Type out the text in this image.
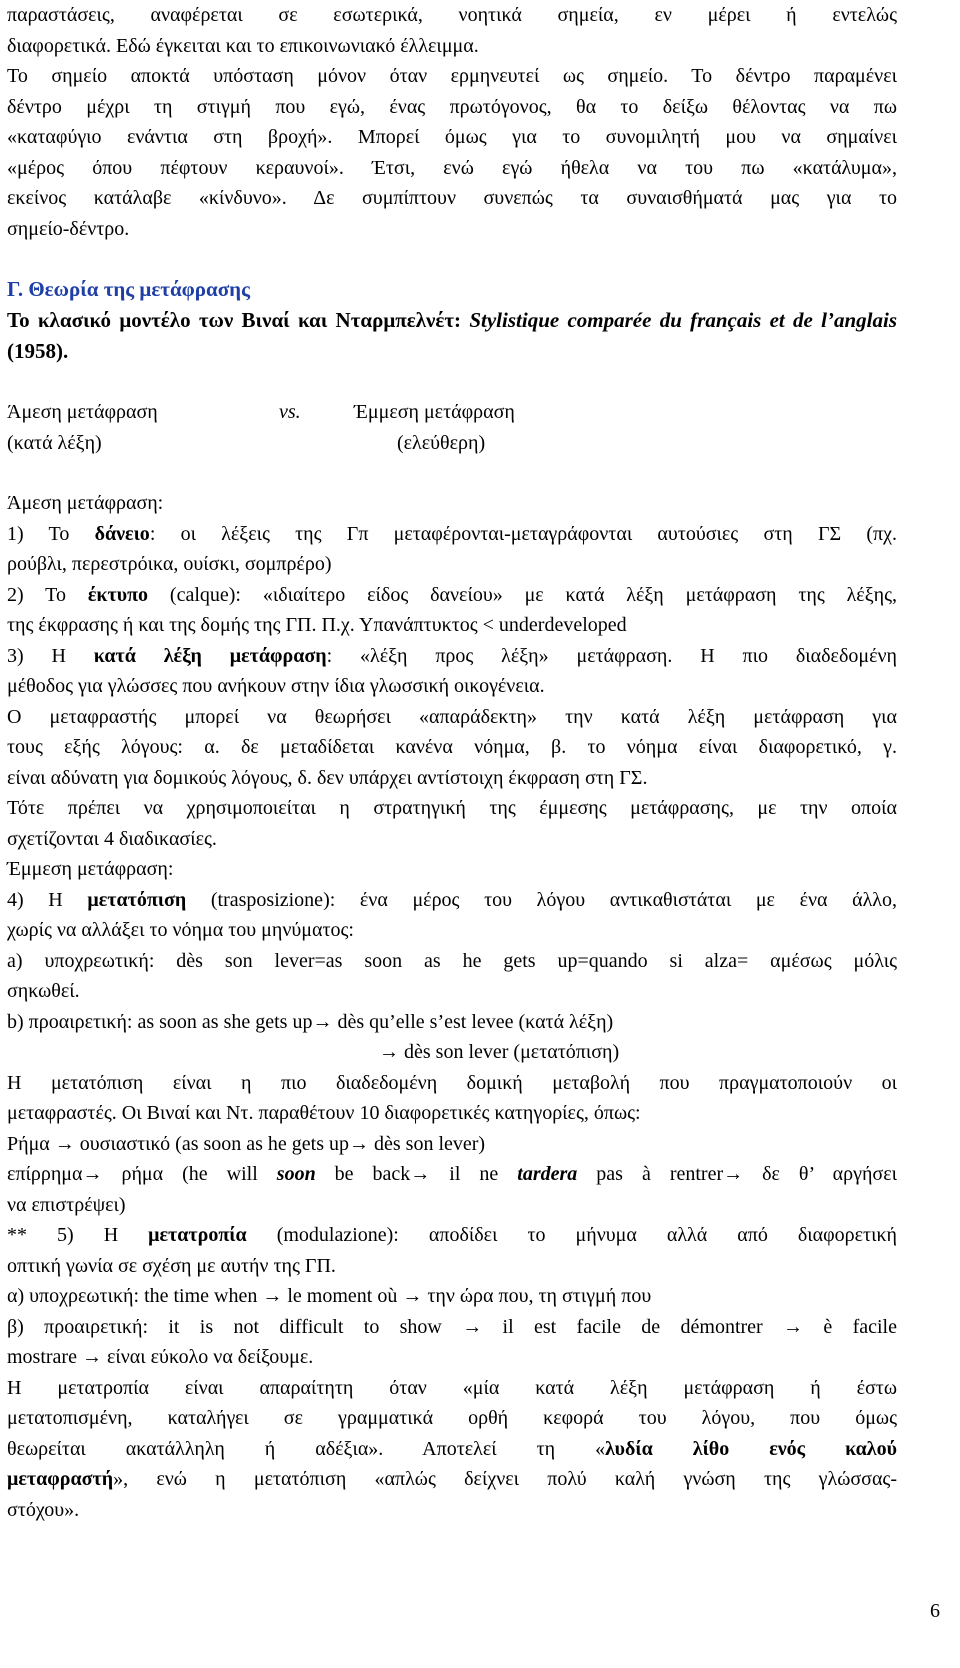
παραστάσεις, αναφέρεται σε εσωτερικά, νοητικά σημεία, εν μέρει ή εντελώς

διαφορετικά. Εδώ έγκειται και το επικοινωνιακό έλλειμμα.

Το σημείο αποκτά υπόσταση μόνον όταν ερμηνευτεί ως σημείο. Το δέντρο παραμένει

δέντρο μέχρι τη στιγμή που εγώ, ένας πρωτόγονος, θα το δείξω θέλοντας να πω

«καταφύγιο ενάντια στη βροχή». Μπορεί όμως για το συνομιλητή μου να σημαίνει

«μέρος όπου πέφτουν κεραυνοί». Έτσι, ενώ εγώ ήθελα να του πω «κατάλυμα»,

εκείνος κατάλαβε «κίνδυνο». Δε συμπίπτουν συνεπώς τα συναισθήματά μας για το

σημείο-δέντρο.

Γ. Θεωρία της μετάφρασης

Το κλασικό μοντέλο των Βιναί και Νταρμπελνέτ: Stylistique comparée du français et de l’anglais (1958).

Άμεση μετάφραση	vs.	Έμμεση μετάφραση
(κατά λέξη)	(ελεύθερη)

Άμεση μετάφραση:

1) Το δάνειο: οι λέξεις της Γπ μεταφέρονται-μεταγράφονται αυτούσιες στη ΓΣ (πχ.

ρούβλι, περεστρόικα, ουίσκι, σομπρέρο)

2) Το έκτυπο (calque): «ιδιαίτερο είδος δανείου» με κατά λέξη μετάφραση της λέξης,

της έκφρασης ή και της δομής της ΓΠ. Π.χ. Υπανάπτυκτος < underdeveloped

3) Η κατά λέξη μετάφραση: «λέξη προς λέξη» μετάφραση. Η πιο διαδεδομένη

μέθοδος για γλώσσες που ανήκουν στην ίδια γλωσσική οικογένεια.

Ο μεταφραστής μπορεί να θεωρήσει «απαράδεκτη» την κατά λέξη μετάφραση για

τους εξής λόγους: α. δε μεταδίδεται κανένα νόημα, β. το νόημα είναι διαφορετικό, γ.

είναι αδύνατη για δομικούς λόγους, δ. δεν υπάρχει αντίστοιχη έκφραση στη ΓΣ.

Τότε πρέπει να χρησιμοποιείται η στρατηγική της έμμεσης μετάφρασης, με την οποία

σχετίζονται 4 διαδικασίες.

Έμμεση μετάφραση:

4) Η μετατόπιση (trasposizione): ένα μέρος του λόγου αντικαθιστάται με ένα άλλο,

χωρίς να αλλάξει το νόημα του μηνύματος:

a) υποχρεωτική: dès son lever=as soon as he gets up=quando si alza= αμέσως μόλις

σηκωθεί.

b) προαιρετική: as soon as she gets up→ dès qu’elle s’est levee (κατά λέξη)

→ dès son lever (μετατόπιση)

Η μετατόπιση είναι η πιο διαδεδομένη δομική μεταβολή που πραγματοποιούν οι

μεταφραστές. Οι Βιναί και Ντ. παραθέτουν 10 διαφορετικές κατηγορίες, όπως:

Ρήμα → ουσιαστικό (as soon as he gets up→ dès son lever)

επίρρημα→ ρήμα (he will soon be back→ il ne tardera pas à rentrer→ δε θ’ αργήσει

να επιστρέψει)

** 5) Η μετατροπία (modulazione): αποδίδει το μήνυμα αλλά από διαφορετική

οπτική γωνία σε σχέση με αυτήν της ΓΠ.

α) υποχρεωτική: the time when → le moment où → την ώρα που, τη στιγμή που

β) προαιρετική: it is not difficult to show → il est facile de démontrer → è facile

mostrare → είναι εύκολο να δείξουμε.

Η μετατροπία είναι απαραίτητη όταν «μία κατά λέξη μετάφραση ή έστω

μετατοπισμένη, καταλήγει σε γραμματικά ορθή κεφορά του λόγου, που όμως

θεωρείται ακατάλληλη ή αδέξια». Αποτελεί τη «λυδία λίθο ενός καλού

μεταφραστή», ενώ η μετατόπιση «απλώς δείχνει πολύ καλή γνώση της γλώσσας-

στόχου».

6
